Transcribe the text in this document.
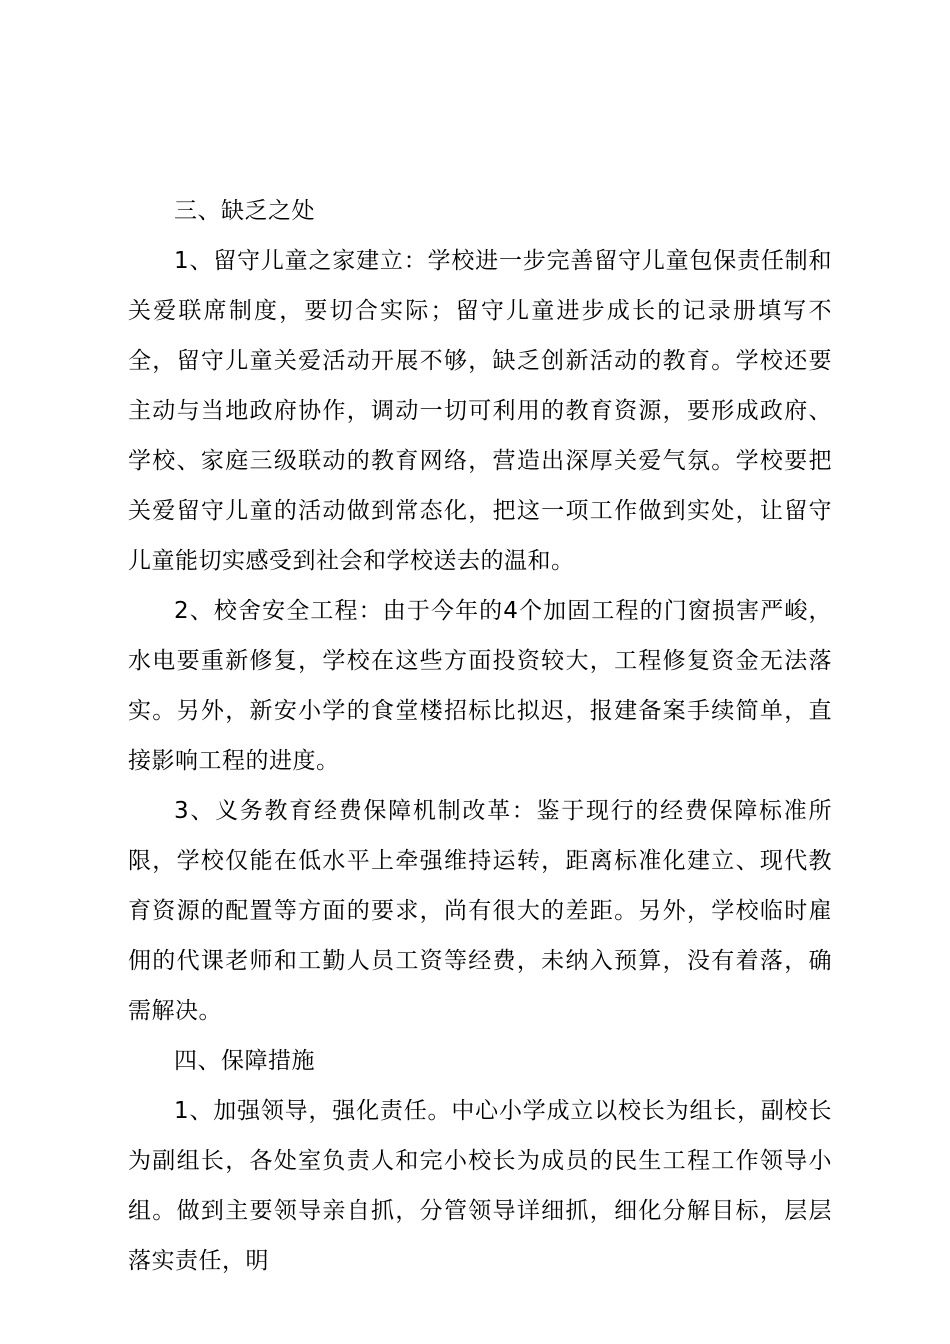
三、缺乏之处

1、留守儿童之家建立：学校进一步完善留守儿童包保责任制和关爱联席制度，要切合实际；留守儿童进步成长的记录册填写不全，留守儿童关爱活动开展不够，缺乏创新活动的教育。学校还要主动与当地政府协作，调动一切可利用的教育资源，要形成政府、学校、家庭三级联动的教育网络，营造出深厚关爱气氛。学校要把关爱留守儿童的活动做到常态化，把这一项工作做到实处，让留守儿童能切实感受到社会和学校送去的温和。

2、校舍安全工程：由于今年的4个加固工程的门窗损害严峻，水电要重新修复，学校在这些方面投资较大，工程修复资金无法落实。另外，新安小学的食堂楼招标比拟迟，报建备案手续简单，直接影响工程的进度。

3、义务教育经费保障机制改革：鉴于现行的经费保障标准所限，学校仅能在低水平上牵强维持运转，距离标准化建立、现代教育资源的配置等方面的要求，尚有很大的差距。另外，学校临时雇佣的代课老师和工勤人员工资等经费，未纳入预算，没有着落，确需解决。

四、保障措施

1、加强领导，强化责任。中心小学成立以校长为组长，副校长为副组长，各处室负责人和完小校长为成员的民生工程工作领导小组。做到主要领导亲自抓，分管领导详细抓，细化分解目标，层层落实责任，明
